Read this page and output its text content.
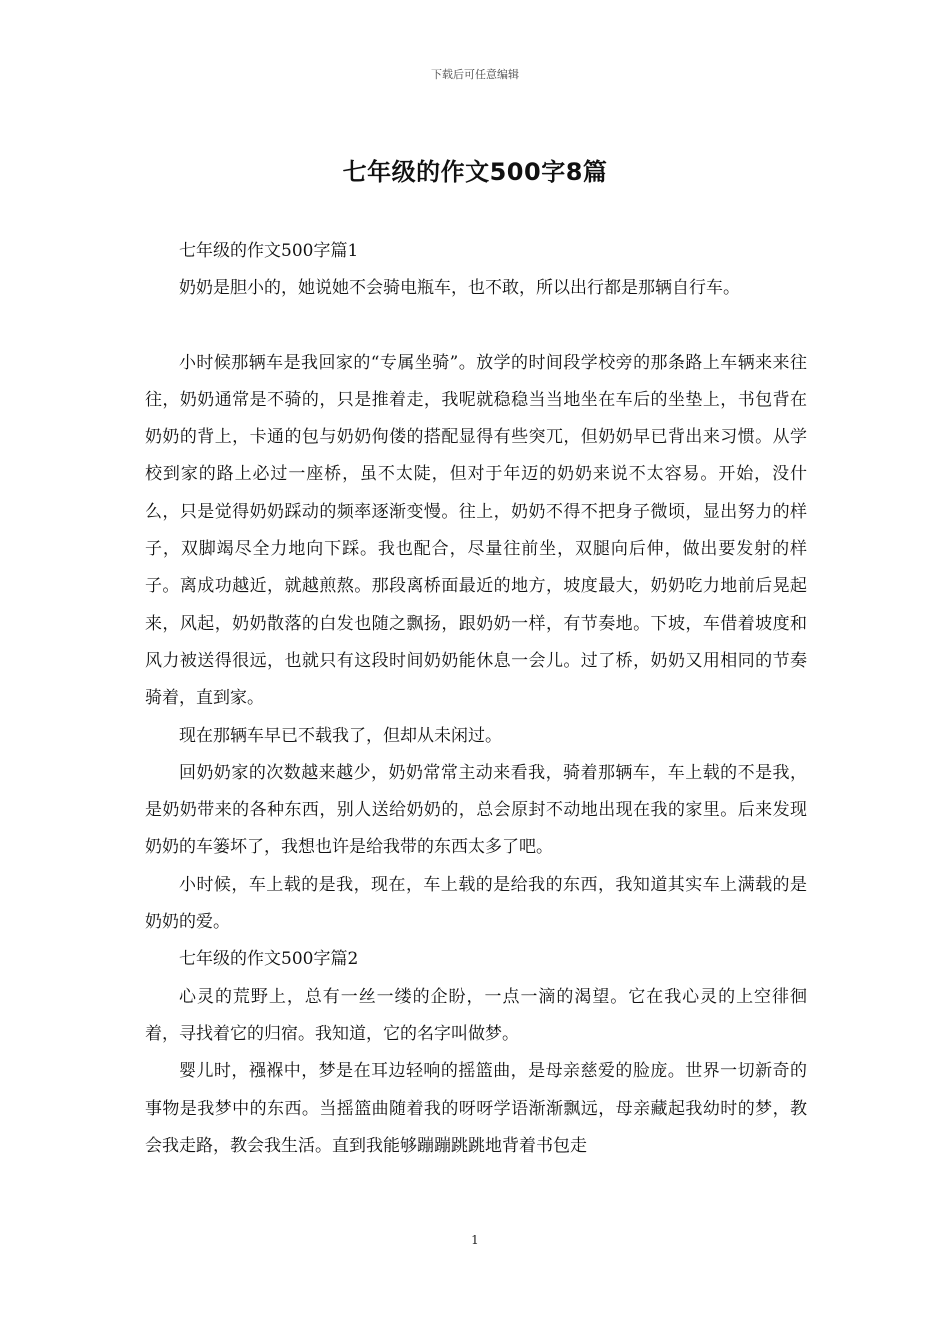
下载后可任意编辑
七年级的作文500字8篇

七年级的作文500字篇1

奶奶是胆小的，她说她不会骑电瓶车，也不敢，所以出行都是那辆自行车。

小时候那辆车是我回家的“专属坐骑”。放学的时间段学校旁的那条路上车辆来来往往，奶奶通常是不骑的，只是推着走，我呢就稳稳当当地坐在车后的坐垫上，书包背在奶奶的背上，卡通的包与奶奶佝偻的搭配显得有些突兀，但奶奶早已背出来习惯。从学校到家的路上必过一座桥，虽不太陡，但对于年迈的奶奶来说不太容易。开始，没什么，只是觉得奶奶踩动的频率逐渐变慢。往上，奶奶不得不把身子微顷，显出努力的样子，双脚竭尽全力地向下踩。我也配合，尽量往前坐，双腿向后伸，做出要发射的样子。离成功越近，就越煎熬。那段离桥面最近的地方，坡度最大，奶奶吃力地前后晃起来，风起，奶奶散落的白发也随之飘扬，跟奶奶一样，有节奏地。下坡，车借着坡度和风力被送得很远，也就只有这段时间奶奶能休息一会儿。过了桥，奶奶又用相同的节奏骑着，直到家。

现在那辆车早已不载我了，但却从未闲过。

回奶奶家的次数越来越少，奶奶常常主动来看我，骑着那辆车，车上载的不是我，是奶奶带来的各种东西，别人送给奶奶的，总会原封不动地出现在我的家里。后来发现奶奶的车篓坏了，我想也许是给我带的东西太多了吧。

小时候，车上载的是我，现在，车上载的是给我的东西，我知道其实车上满载的是奶奶的爱。

七年级的作文500字篇2

心灵的荒野上，总有一丝一缕的企盼，一点一滴的渴望。它在我心灵的上空徘徊着，寻找着它的归宿。我知道，它的名字叫做梦。

婴儿时，襁褓中，梦是在耳边轻响的摇篮曲，是母亲慈爱的脸庞。世界一切新奇的事物是我梦中的东西。当摇篮曲随着我的呀呀学语渐渐飘远，母亲藏起我幼时的梦，教会我走路，教会我生活。直到我能够蹦蹦跳跳地背着书包走

1
